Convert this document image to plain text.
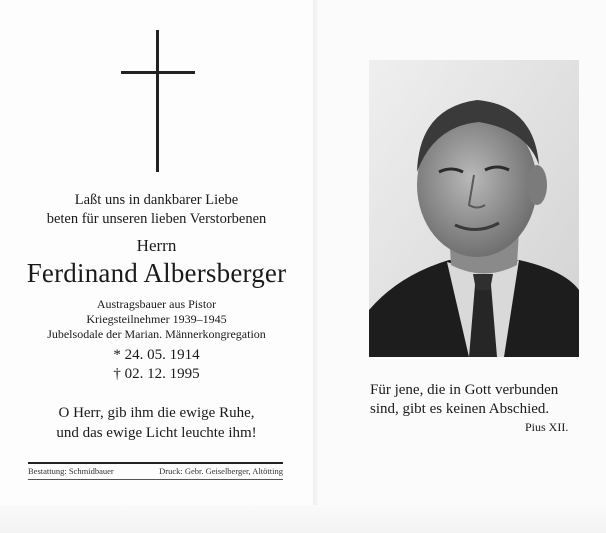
Laßt uns in dankbarer Liebe
beten für unseren lieben Verstorbenen
Herrn
Ferdinand Albersberger
Austragsbauer aus Pistor
Kriegsteilnehmer 1939–1945
Jubelsodale der Marian. Männerkongregation
* 24. 05. 1914
† 02. 12. 1995
O Herr, gib ihm die ewige Ruhe,
und das ewige Licht leuchte ihm!
Bestattung: Schmidbauer	Druck: Gebr. Geiselberger, Altötting
Für jene, die in Gott verbunden
sind, gibt es keinen Abschied.
Pius XII.
